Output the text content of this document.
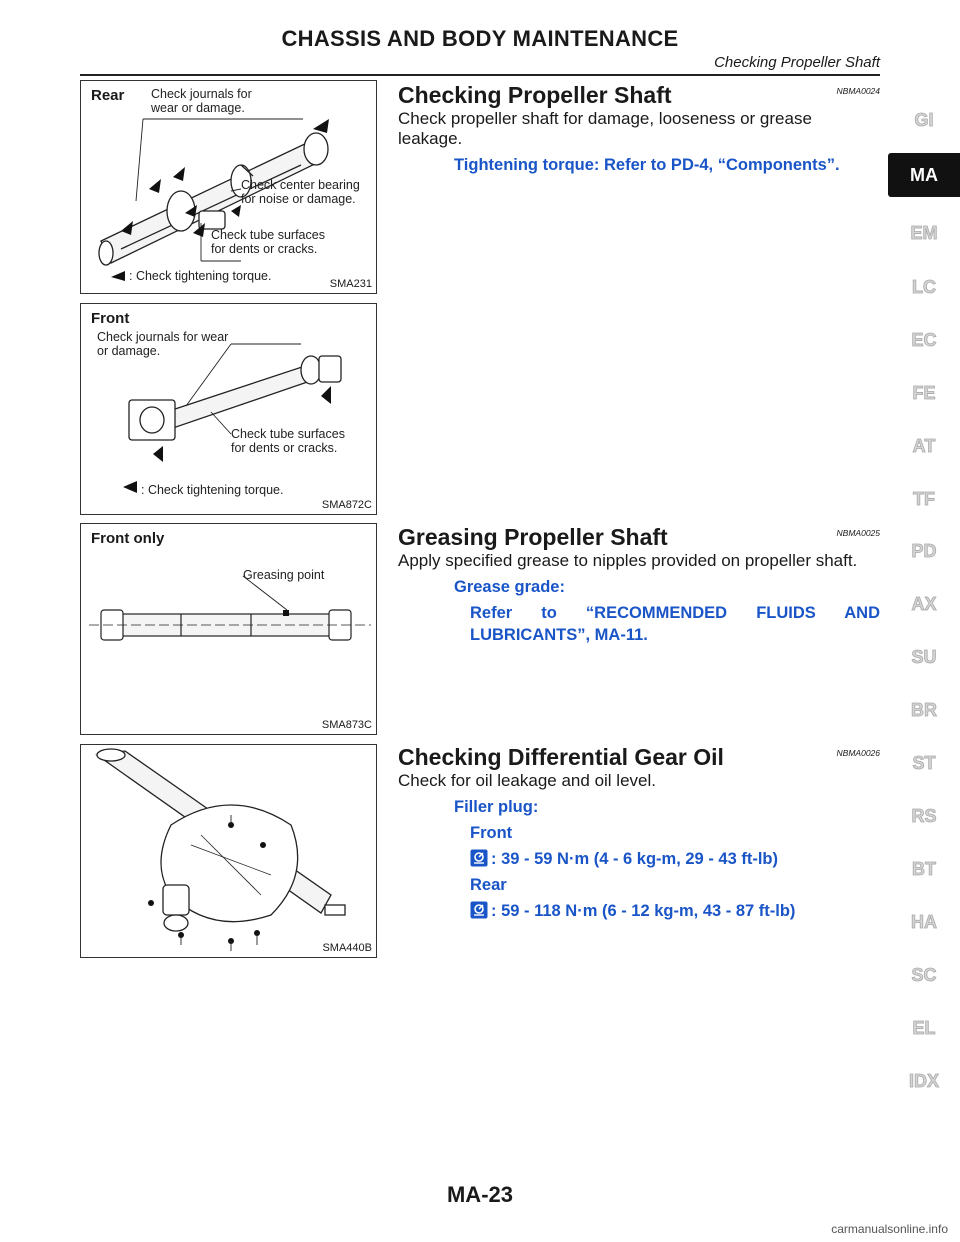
CHASSIS AND BODY MAINTENANCE
Checking Propeller Shaft
Check journals for
wear or damage.
Check center bearing
for noise or damage.
Check tube surfaces
for dents or cracks.
: Check tightening torque.
Rear
SMA231
Check journals for wear
or damage.
Check tube surfaces
for dents or cracks.
: Check tightening torque.
Front
SMA872C
Greasing point
Front only
SMA873C
SMA440B
Checking Propeller Shaft	NBMA0024

Check propeller shaft for damage, looseness or grease leakage.

Tightening torque: Refer to PD-4, “Components”.
Greasing Propeller Shaft	NBMA0025

Apply specified grease to nipples provided on propeller shaft.

Grease grade:
Refer to “RECOMMENDED FLUIDS AND
LUBRICANTS”, MA-11.
Checking Differential Gear Oil	NBMA0026

Check for oil leakage and oil level.

Filler plug:
Front
: 39 - 59 N·m (4 - 6 kg-m, 29 - 43 ft-lb)
Rear
: 59 - 118 N·m (6 - 12 kg-m, 43 - 87 ft-lb)
GI
MA
EM
LC
EC
FE
AT
TF
PD
AX
SU
BR
ST
RS
BT
HA
SC
EL
IDX
MA-23
carmanualsonline.info
